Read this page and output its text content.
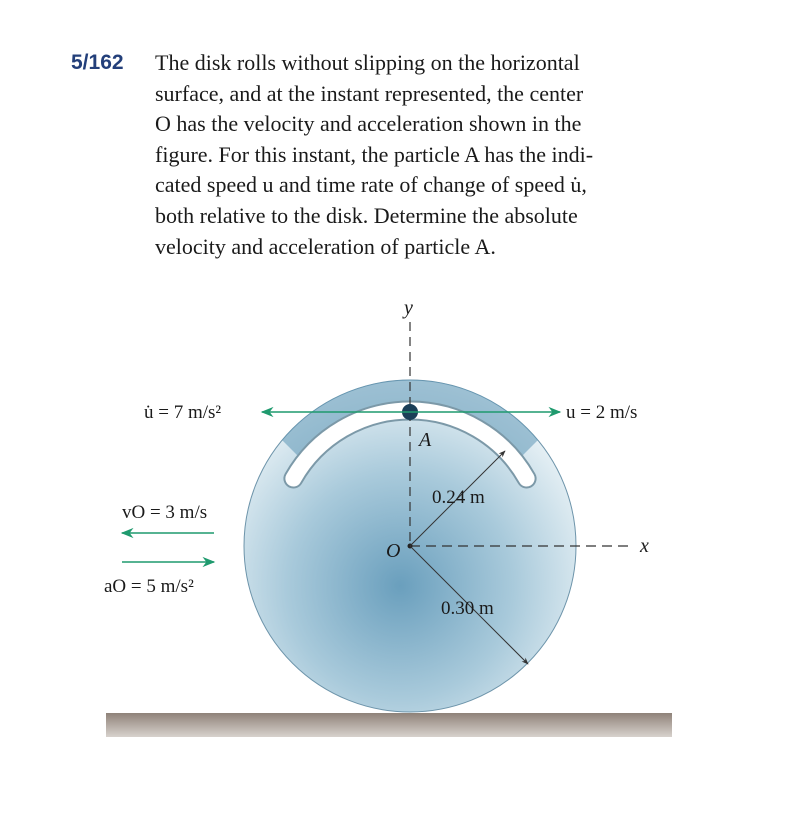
5/162 The disk rolls without slipping on the horizontal
surface, and at the instant represented, the center
O has the velocity and acceleration shown in the
figure. For this instant, the particle A has the indi-
cated speed u and time rate of change of speed u̇,
both relative to the disk. Determine the absolute
velocity and acceleration of particle A.
y
x
O
A
u̇ = 7 m/s²	u = 2 m/s
vO = 3 m/s
aO = 5 m/s²
0.24 m
0.30 m
